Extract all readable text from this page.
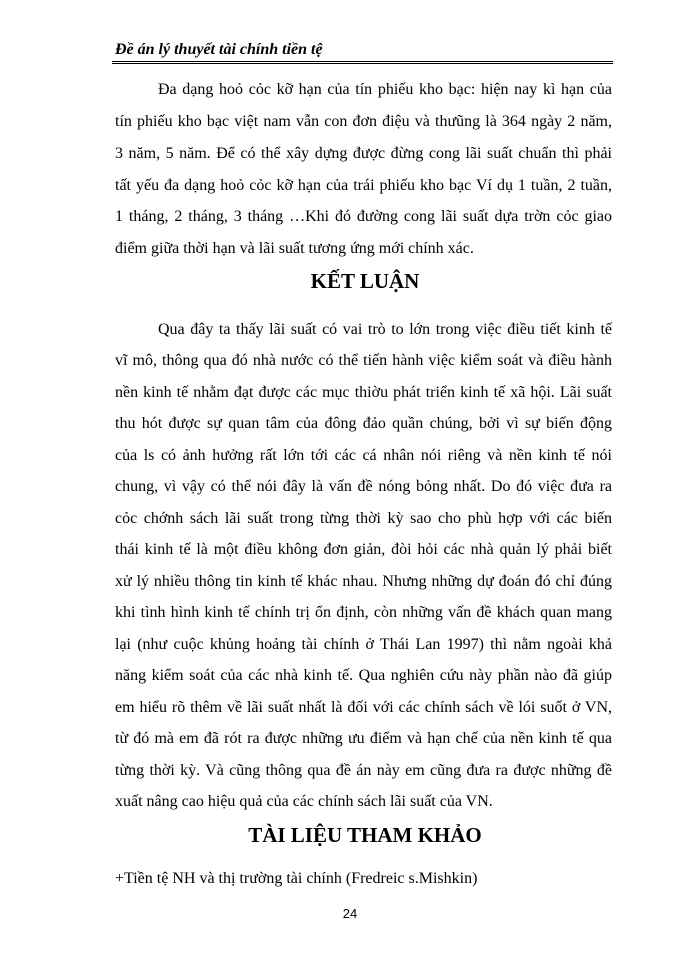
Đề án lý thuyết tài chính tiền tệ
Đa dạng hoỏ cỏc kỡ hạn của tín phiếu kho bạc: hiện nay kì hạn của
tín phiếu kho bạc việt nam vẫn con đơn điệu và thưũng là 364 ngày 2 năm,
3 năm, 5 năm. Để có thể xây dựng được đừng cong lãi suất chuẩn thì phải
tất yếu đa dạng hoỏ cỏc kỡ hạn của trái phiếu kho bạc Ví dụ 1 tuần, 2 tuần,
1 tháng, 2 tháng, 3 tháng …Khi đó đường cong lãi suất dựa trờn cỏc giao
điểm giữa thời hạn và lãi suất tương ứng mới chính xác.
KẾT LUẬN
Qua đây ta thấy lãi suất có vai trò to lớn trong việc điều tiết kinh tế
vĩ mô, thông qua đó nhà nước có thể tiến hành việc kiểm soát và điều hành
nền kinh tế nhằm đạt được các mục thiờu phát triển kinh tế xã hội. Lãi suất
thu hót được sự quan tâm của đông đảo quần chúng, bởi vì sự biến động
của ls có ảnh hưởng rất lớn tới các cá nhân nói riêng và nền kinh tế nói
chung, vì vậy có thể nói đây là vấn đề nóng bỏng nhất. Do đó việc đưa ra
cỏc chớnh sách lãi suất trong từng thời kỳ sao cho phù hợp với các biến
thái kinh tế là một điều không đơn giản, đòi hỏi các nhà quản lý phải biết
xử lý nhiều thông tin kinh tế khác nhau. Nhưng những dự đoán đó chỉ đúng
khi tình hình kinh tế chính trị ổn định, còn những vấn đề khách quan mang
lại (như cuộc khủng hoảng tài chính ở Thái Lan 1997) thì nằm ngoài khả
năng kiểm soát của các nhà kinh tế. Qua nghiên cứu này phần nào đã giúp
em hiểu rõ thêm về lãi suất nhất là đối với các chính sách về lói suốt ở VN,
từ đó mà em đã rót ra được những ưu điểm và hạn chế của nền kinh tế qua
từng thời kỳ. Và cũng thông qua đề án này em cũng đưa ra được những đề
xuất nâng cao hiệu quả của các chính sách lãi suất của VN.
TÀI LIỆU THAM KHẢO
+Tiền tệ NH và thị trường tài chính (Fredreic s.Mishkin)
24
